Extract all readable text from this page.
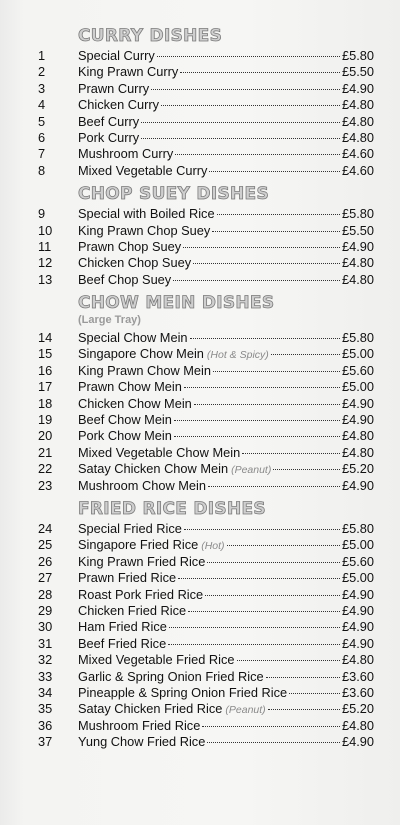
CURRY DISHES
1	Special Curry	£5.80
2	King Prawn Curry	£5.50
3	Prawn Curry	£4.90
4	Chicken Curry	£4.80
5	Beef Curry	£4.80
6	Pork Curry	£4.80
7	Mushroom Curry	£4.60
8	Mixed Vegetable Curry	£4.60
CHOP SUEY DISHES
9	Special with Boiled Rice	£5.80
10	King Prawn Chop Suey	£5.50
11	Prawn Chop Suey	£4.90
12	Chicken Chop Suey	£4.80
13	Beef Chop Suey	£4.80
CHOW MEIN DISHES
(Large Tray)
14	Special Chow Mein	£5.80
15	Singapore Chow Mein (Hot & Spicy)	£5.00
16	King Prawn Chow Mein	£5.60
17	Prawn Chow Mein	£5.00
18	Chicken Chow Mein	£4.90
19	Beef Chow Mein	£4.90
20	Pork Chow Mein	£4.80
21	Mixed Vegetable Chow Mein	£4.80
22	Satay Chicken Chow Mein (Peanut)	£5.20
23	Mushroom Chow Mein	£4.90
FRIED RICE DISHES
24	Special Fried Rice	£5.80
25	Singapore Fried Rice (Hot)	£5.00
26	King Prawn Fried Rice	£5.60
27	Prawn Fried Rice	£5.00
28	Roast Pork Fried Rice	£4.90
29	Chicken Fried Rice	£4.90
30	Ham Fried Rice	£4.90
31	Beef Fried Rice	£4.90
32	Mixed Vegetable Fried Rice	£4.80
33	Garlic & Spring Onion Fried Rice	£3.60
34	Pineapple & Spring Onion Fried Rice	£3.60
35	Satay Chicken Fried Rice (Peanut)	£5.20
36	Mushroom Fried Rice	£4.80
37	Yung Chow Fried Rice	£4.90
